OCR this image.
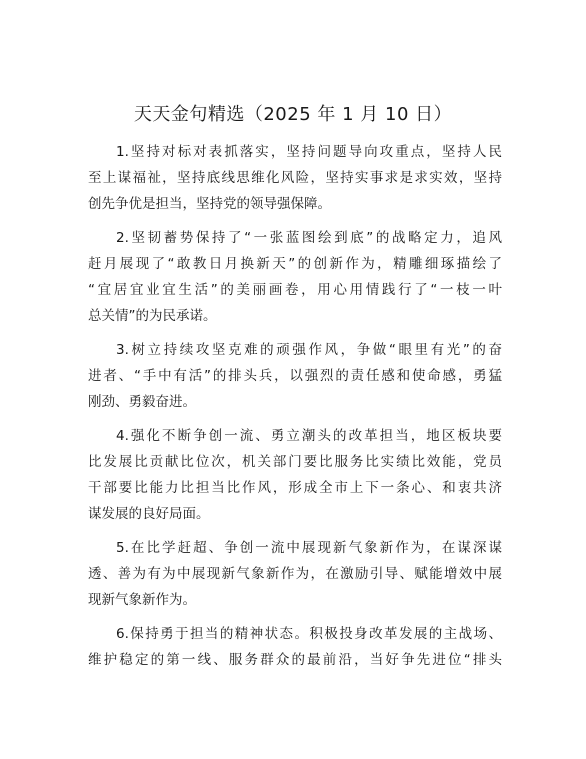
天天金句精选（2025 年 1 月 10 日）
1.坚持对标对表抓落实，坚持问题导向攻重点，坚持人民
至上谋福祉，坚持底线思维化风险，坚持实事求是求实效，坚持
创先争优是担当，坚持党的领导强保障。
2.坚韧蓄势保持了“一张蓝图绘到底”的战略定力，追风
赶月展现了“敢教日月换新天”的创新作为，精雕细琢描绘了
“宜居宜业宜生活”的美丽画卷，用心用情践行了“一枝一叶
总关情”的为民承诺。
3.树立持续攻坚克难的顽强作风，争做“眼里有光”的奋
进者、“手中有活”的排头兵，以强烈的责任感和使命感，勇猛
刚劲、勇毅奋进。
4.强化不断争创一流、勇立潮头的改革担当，地区板块要
比发展比贡献比位次，机关部门要比服务比实绩比效能，党员
干部要比能力比担当比作风，形成全市上下一条心、和衷共济
谋发展的良好局面。
5.在比学赶超、争创一流中展现新气象新作为，在谋深谋
透、善为有为中展现新气象新作为，在激励引导、赋能增效中展
现新气象新作为。
6.保持勇于担当的精神状态。积极投身改革发展的主战场、
维护稳定的第一线、服务群众的最前沿，当好争先进位“排头
